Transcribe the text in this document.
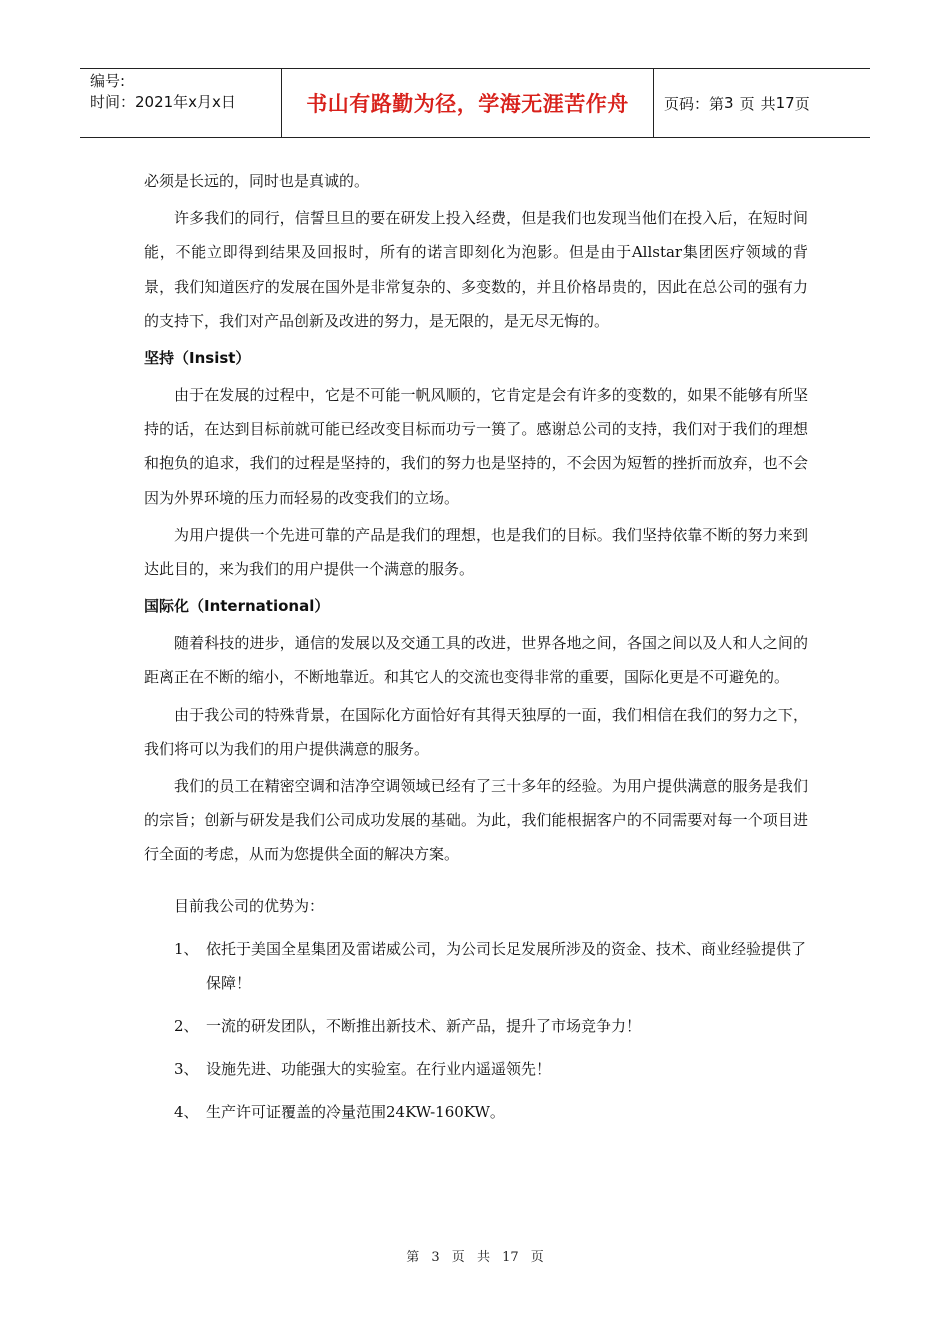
编号:
时间：2021年x月x日	书山有路勤为径，学海无涯苦作舟	页码：第 3 页 共 17 页

必须是长远的，同时也是真诚的。

许多我们的同行，信誓旦旦的要在研发上投入经费，但是我们也发现当他们在投入后，在短时间能，不能立即得到结果及回报时，所有的诺言即刻化为泡影。但是由于Allstar集团医疗领域的背景，我们知道医疗的发展在国外是非常复杂的、多变数的，并且价格昂贵的，因此在总公司的强有力的支持下，我们对产品创新及改进的努力，是无限的，是无尽无悔的。

坚持（Insist）

由于在发展的过程中，它是不可能一帆风顺的，它肯定是会有许多的变数的，如果不能够有所坚持的话，在达到目标前就可能已经改变目标而功亏一篑了。感谢总公司的支持，我们对于我们的理想和抱负的追求，我们的过程是坚持的，我们的努力也是坚持的，不会因为短暂的挫折而放弃，也不会因为外界环境的压力而轻易的改变我们的立场。

为用户提供一个先进可靠的产品是我们的理想，也是我们的目标。我们坚持依靠不断的努力来到达此目的，来为我们的用户提供一个满意的服务。

国际化（International）

随着科技的进步，通信的发展以及交通工具的改进，世界各地之间，各国之间以及人和人之间的距离正在不断的缩小，不断地靠近。和其它人的交流也变得非常的重要，国际化更是不可避免的。

由于我公司的特殊背景，在国际化方面恰好有其得天独厚的一面，我们相信在我们的努力之下，我们将可以为我们的用户提供满意的服务。

我们的员工在精密空调和洁净空调领域已经有了三十多年的经验。为用户提供满意的服务是我们的宗旨；创新与研发是我们公司成功发展的基础。为此，我们能根据客户的不同需要对每一个项目进行全面的考虑，从而为您提供全面的解决方案。

目前我公司的优势为：

1、 依托于美国全星集团及雷诺威公司，为公司长足发展所涉及的资金、技术、商业经验提供了保障！
2、 一流的研发团队，不断推出新技术、新产品，提升了市场竞争力！
3、 设施先进、功能强大的实验室。在行业内遥遥领先！
4、 生产许可证覆盖的冷量范围24KW-160KW。
第 3 页 共 17 页
